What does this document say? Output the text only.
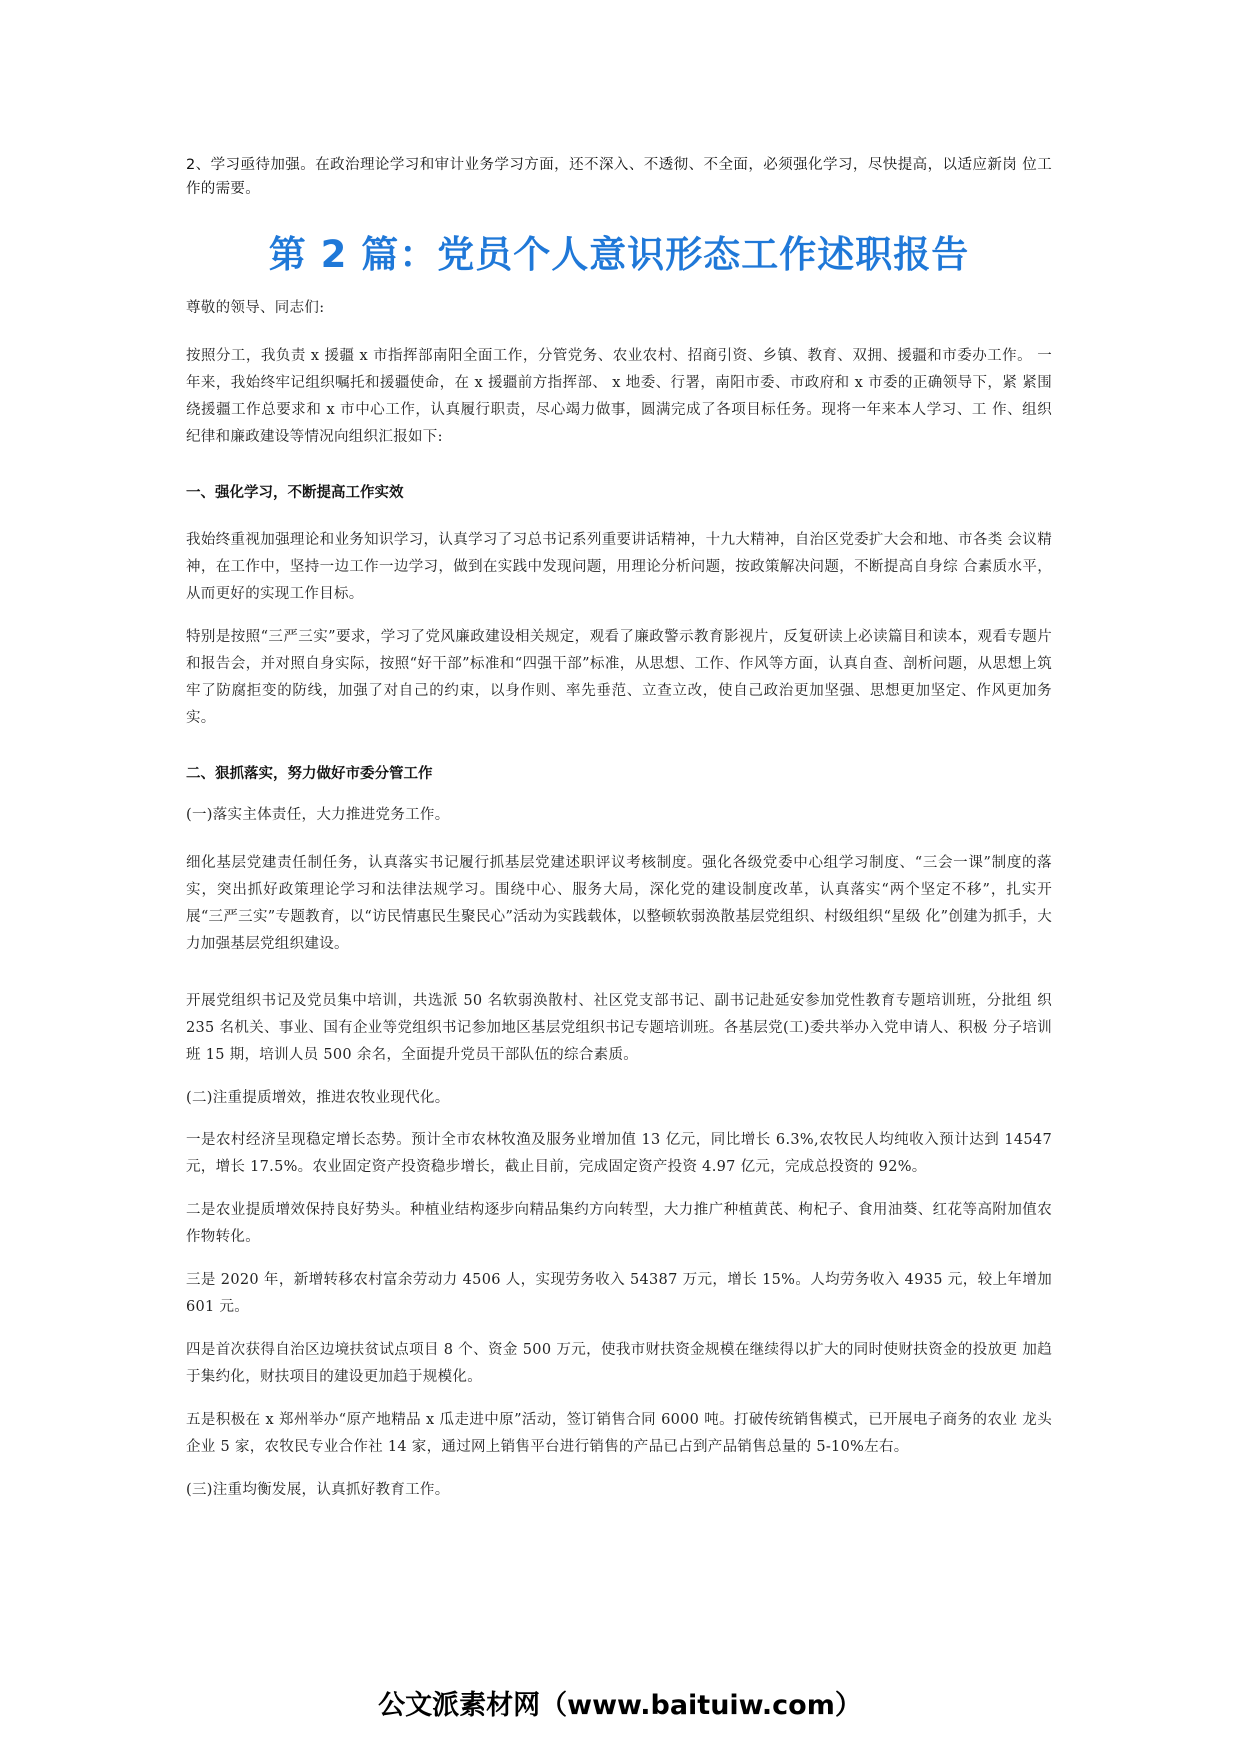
2、学习亟待加强。在政治理论学习和审计业务学习方面，还不深入、不透彻、不全面，必须强化学习，尽快提高，以适应新岗 位工作的需要。

第 2 篇：党员个人意识形态工作述职报告

尊敬的领导、同志们:

按照分工，我负责 x 援疆 x 市指挥部南阳全面工作，分管党务、农业农村、招商引资、乡镇、教育、双拥、援疆和市委办工作。 一年来，我始终牢记组织嘱托和援疆使命，在 x 援疆前方指挥部、 x 地委、行署，南阳市委、市政府和 x 市委的正确领导下，紧 紧围绕援疆工作总要求和 x 市中心工作，认真履行职责，尽心竭力做事，圆满完成了各项目标任务。现将一年来本人学习、工 作、组织纪律和廉政建设等情况向组织汇报如下:

一、强化学习，不断提高工作实效

我始终重视加强理论和业务知识学习，认真学习了习总书记系列重要讲话精神，十九大精神，自治区党委扩大会和地、市各类 会议精神，在工作中，坚持一边工作一边学习，做到在实践中发现问题，用理论分析问题，按政策解决问题，不断提高自身综 合素质水平，从而更好的实现工作目标。

特别是按照“三严三实”要求，学习了党风廉政建设相关规定，观看了廉政警示教育影视片，反复研读上必读篇目和读本，观看专题片和报告会，并对照自身实际，按照“好干部”标准和“四强干部”标准，从思想、工作、作风等方面，认真自查、剖析问题，从思想上筑牢了防腐拒变的防线，加强了对自己的约束，以身作则、率先垂范、立查立改，使自己政治更加坚强、思想更加坚定、作风更加务实。

二、狠抓落实，努力做好市委分管工作

(一)落实主体责任，大力推进党务工作。

细化基层党建责任制任务，认真落实书记履行抓基层党建述职评议考核制度。强化各级党委中心组学习制度、“三会一课”制度的落实，突出抓好政策理论学习和法律法规学习。围绕中心、服务大局，深化党的建设制度改革，认真落实“两个坚定不移”，扎实开展“三严三实”专题教育，以“访民情惠民生聚民心”活动为实践载体，以整顿软弱涣散基层党组织、村级组织“星级 化”创建为抓手，大力加强基层党组织建设。

开展党组织书记及党员集中培训，共选派 50 名软弱涣散村、社区党支部书记、副书记赴延安参加党性教育专题培训班，分批组 织 235 名机关、事业、国有企业等党组织书记参加地区基层党组织书记专题培训班。各基层党(工)委共举办入党申请人、积极 分子培训班 15 期，培训人员 500 余名，全面提升党员干部队伍的综合素质。

(二)注重提质增效，推进农牧业现代化。

一是农村经济呈现稳定增长态势。预计全市农林牧渔及服务业增加值 13 亿元，同比增长 6.3%,农牧民人均纯收入预计达到 14547 元，增长 17.5%。农业固定资产投资稳步增长，截止目前，完成固定资产投资 4.97 亿元，完成总投资的 92%。

二是农业提质增效保持良好势头。种植业结构逐步向精品集约方向转型，大力推广种植黄芪、枸杞子、食用油葵、红花等高附加值农作物转化。

三是 2020 年，新增转移农村富余劳动力 4506 人，实现劳务收入 54387 万元，增长 15%。人均劳务收入 4935 元，较上年增加 601 元。

四是首次获得自治区边境扶贫试点项目 8 个、资金 500 万元，使我市财扶资金规模在继续得以扩大的同时使财扶资金的投放更 加趋于集约化，财扶项目的建设更加趋于规模化。

五是积极在 x 郑州举办“原产地精品 x 瓜走进中原”活动，签订销售合同 6000 吨。打破传统销售模式，已开展电子商务的农业 龙头企业 5 家，农牧民专业合作社 14 家，通过网上销售平台进行销售的产品已占到产品销售总量的 5-10%左右。

(三)注重均衡发展，认真抓好教育工作。

公文派素材网（www.baituiw.com）
